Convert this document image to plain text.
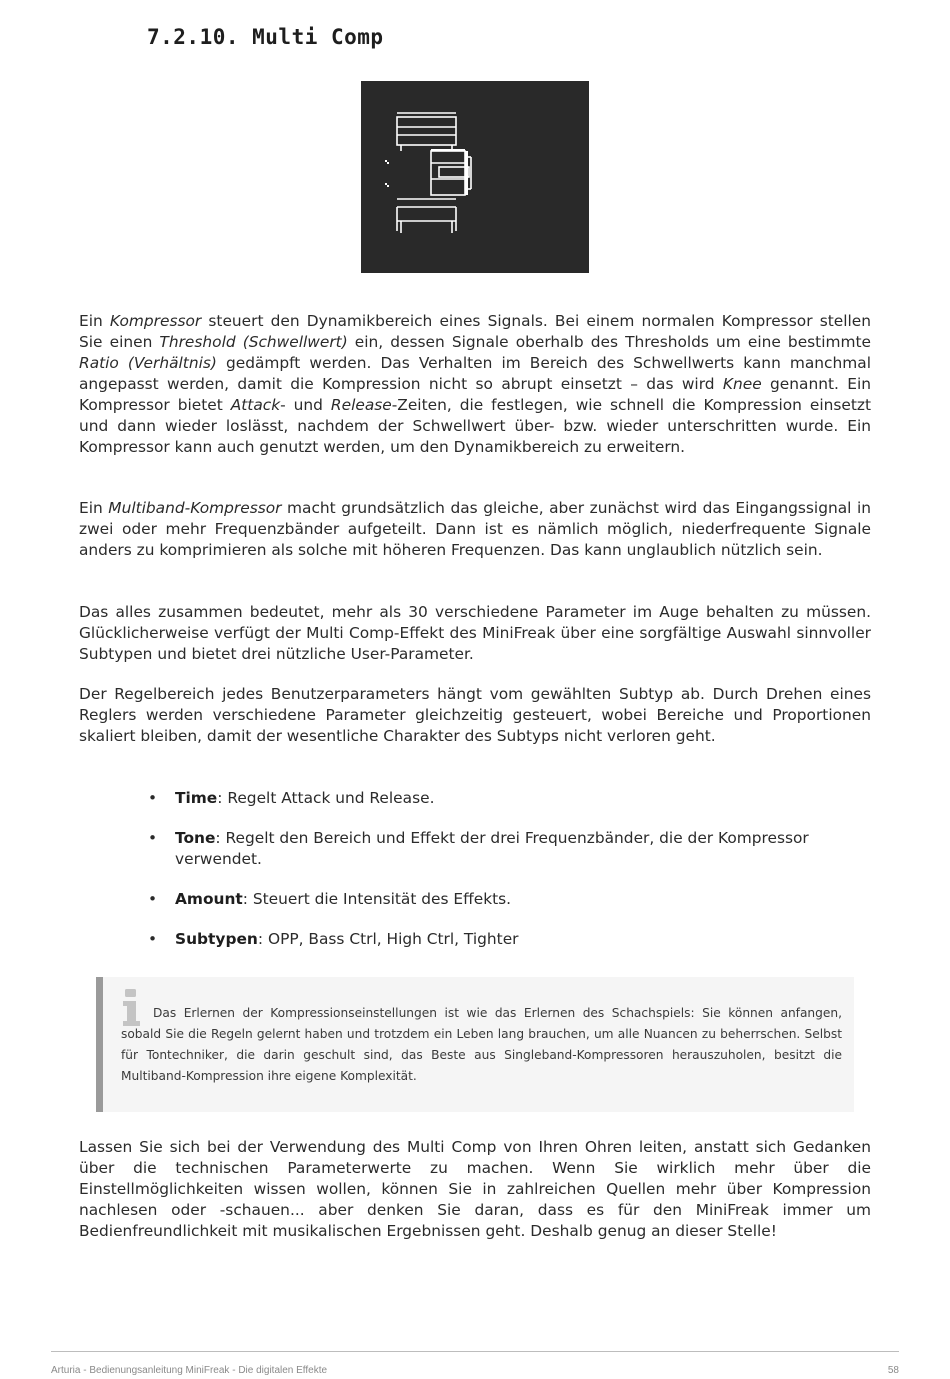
7.2.10. Multi Comp

Ein Kompressor steuert den Dynamikbereich eines Signals. Bei einem normalen Kompressor stellen Sie einen Threshold (Schwellwert) ein, dessen Signale oberhalb des Thresholds um eine bestimmte Ratio (Verhältnis) gedämpft werden. Das Verhalten im Bereich des Schwellwerts kann manchmal angepasst werden, damit die Kompression nicht so abrupt einsetzt – das wird Knee genannt. Ein Kompressor bietet Attack- und Release-Zeiten, die festlegen, wie schnell die Kompression einsetzt und dann wieder loslässt, nachdem der Schwellwert über- bzw. wieder unterschritten wurde. Ein Kompressor kann auch genutzt werden, um den Dynamikbereich zu erweitern.

Ein Multiband-Kompressor macht grundsätzlich das gleiche, aber zunächst wird das Eingangssignal in zwei oder mehr Frequenzbänder aufgeteilt. Dann ist es nämlich möglich, niederfrequente Signale anders zu komprimieren als solche mit höheren Frequenzen. Das kann unglaublich nützlich sein.

Das alles zusammen bedeutet, mehr als 30 verschiedene Parameter im Auge behalten zu müssen. Glücklicherweise verfügt der Multi Comp-Effekt des MiniFreak über eine sorgfältige Auswahl sinnvoller Subtypen und bietet drei nützliche User-Parameter.

Der Regelbereich jedes Benutzerparameters hängt vom gewählten Subtyp ab. Durch Drehen eines Reglers werden verschiedene Parameter gleichzeitig gesteuert, wobei Bereiche und Proportionen skaliert bleiben, damit der wesentliche Charakter des Subtyps nicht verloren geht.

• Time: Regelt Attack und Release.
• Tone: Regelt den Bereich und Effekt der drei Frequenzbänder, die der Kompressor verwendet.
• Amount: Steuert die Intensität des Effekts.
• Subtypen: OPP, Bass Ctrl, High Ctrl, Tighter

Das Erlernen der Kompressionseinstellungen ist wie das Erlernen des Schachspiels: Sie können anfangen, sobald Sie die Regeln gelernt haben und trotzdem ein Leben lang brauchen, um alle Nuancen zu beherrschen. Selbst für Tontechniker, die darin geschult sind, das Beste aus Singleband-Kompressoren herauszuholen, besitzt die Multiband-Kompression ihre eigene Komplexität.

Lassen Sie sich bei der Verwendung des Multi Comp von Ihren Ohren leiten, anstatt sich Gedanken über die technischen Parameterwerte zu machen. Wenn Sie wirklich mehr über die Einstellmöglichkeiten wissen wollen, können Sie in zahlreichen Quellen mehr über Kompression nachlesen oder -schauen... aber denken Sie daran, dass es für den MiniFreak immer um Bedienfreundlichkeit mit musikalischen Ergebnissen geht. Deshalb genug an dieser Stelle!

Arturia - Bedienungsanleitung MiniFreak - Die digitalen Effekte	58
